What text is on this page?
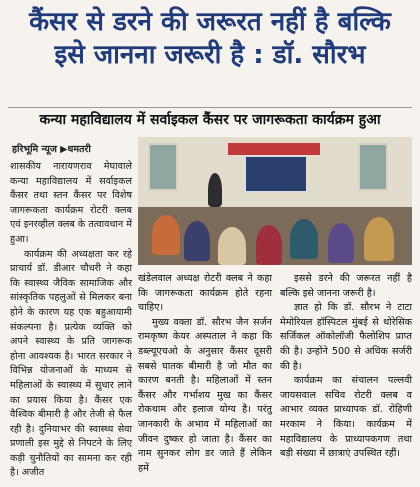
कैंसर से डरने की जरूरत नहीं है बल्कि
इसे जानना जरूरी है : डॉ. सौरभ
कन्या महाविद्यालय में सर्वाइकल कैंसर पर जागरूकता कार्यक्रम हुआ
हरिभूमि न्यूज ▶धमतरी

शासकीय नारायणराव मेघावाले कन्या महाविद्यालय में सर्वाइकल कैंसर तथा स्तन कैंसर पर विशेष जागरूकता कार्यक्रम रोटरी क्लब एवं इनरव्हील क्लब के तत्वावधान में हुआ।

कार्यक्रम की अध्यक्षता कर रहे प्राचार्य डॉ. डीआर चौधरी ने कहा कि स्वास्थ्य जैविक सामाजिक और सांस्कृतिक पहलुओं से मिलकर बना होने के कारण यह एक बहुआयामी संकल्पना है। प्रत्येक व्यक्ति को अपने स्वास्थ्य के प्रति जागरूक होना आवश्यक है। भारत सरकार ने विभिन्न योजनाओं के माध्यम से महिलाओं के स्वास्थ्य में सुधार लाने का प्रयास किया है। कैंसर एक वैश्विक बीमारी है और तेजी से फैल रही है। दुनियाभर की स्वास्थ्य सेवा प्रणाली इस मुद्दे से निपटने के लिए कड़ी चुनौतियों का सामना कर रही है। अजीत

खंडेलवाल अध्यक्ष रोटरी क्लब ने कहा कि जागरूकता कार्यक्रम होते रहना चाहिए।

मुख्य वक्ता डॉ. सौरभ जैन सर्जन रामकृष्ण केयर अस्पताल ने कहा कि डब्ल्यूएचओ के अनुसार कैंसर दूसरी सबसे घातक बीमारी है जो मौत का कारण बनती है। महिलाओं में स्तन कैंसर और गर्भाशय मुख का कैंसर रोकथाम और इलाज योग्य है। परंतु जानकारी के अभाव में महिलाओं का जीवन दुष्कर हो जाता है। कैंसर का नाम सुनकर लोग डर जाते हैं लेकिन हमें

इससे डरने की जरूरत नहीं है बल्कि इसे जानना जरूरी है।

ज्ञात हो कि डॉ. सौरभ ने टाटा मेमोरियल हॉस्पिटल मुंबई से थोरेसिक सर्जिकल ऑकोलॉजी फैलोशिप प्राप्त की है। उन्होंने 500 से अधिक सर्जरी की है।

कार्यक्रम का संचालन पल्लवी जायसवाल सचिव रोटरी क्लब व आभार व्यक्त प्राध्यापक डॉ. रोहिणी मरकाम ने किया। कार्यक्रम में महाविद्यालय के प्राध्यापकगण तथा बड़ी संख्या में छात्राएं उपस्थित रहीं।
